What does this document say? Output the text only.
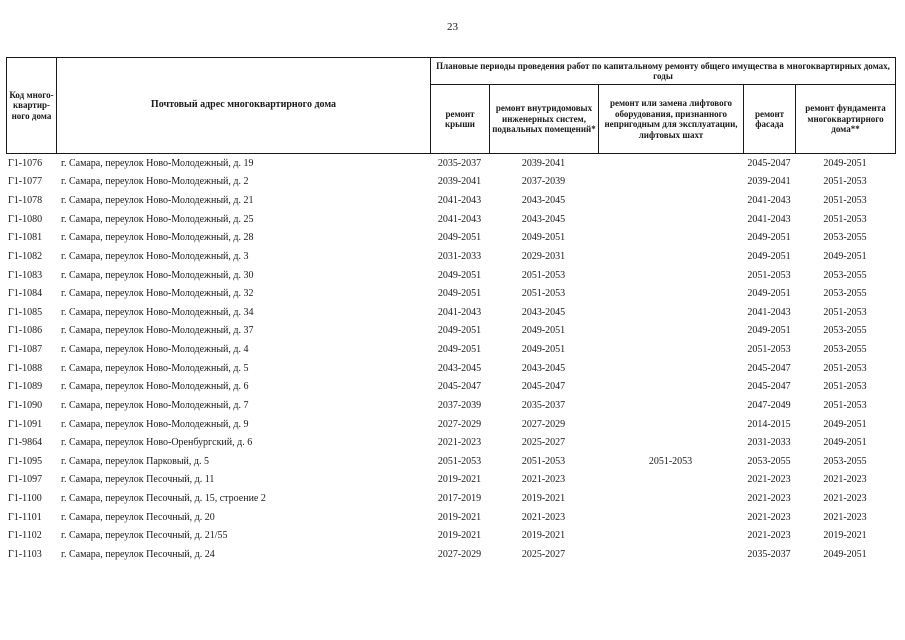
23
Код много-квартир-ного дома	Почтовый адрес многоквартирного дома	Плановые периоды проведения работ по капитальному ремонту общего имущества в многоквартирных домах, годы				
		ремонт крыши	ремонт внутридомовых инженерных систем, подвальных помещений*	ремонт или замена лифтового оборудования, признанного непригодным для эксплуатации, лифтовых шахт	ремонт фасада	ремонт фундамента многоквартирного дома**
Г1-1076	г. Самара, переулок Ново-Молодежный, д. 19	2035-2037	2039-2041		2045-2047	2049-2051
Г1-1077	г. Самара, переулок Ново-Молодежный, д. 2	2039-2041	2037-2039		2039-2041	2051-2053
Г1-1078	г. Самара, переулок Ново-Молодежный, д. 21	2041-2043	2043-2045		2041-2043	2051-2053
Г1-1080	г. Самара, переулок Ново-Молодежный, д. 25	2041-2043	2043-2045		2041-2043	2051-2053
Г1-1081	г. Самара, переулок Ново-Молодежный, д. 28	2049-2051	2049-2051		2049-2051	2053-2055
Г1-1082	г. Самара, переулок Ново-Молодежный, д. 3	2031-2033	2029-2031		2049-2051	2049-2051
Г1-1083	г. Самара, переулок Ново-Молодежный, д. 30	2049-2051	2051-2053		2051-2053	2053-2055
Г1-1084	г. Самара, переулок Ново-Молодежный, д. 32	2049-2051	2051-2053		2049-2051	2053-2055
Г1-1085	г. Самара, переулок Ново-Молодежный, д. 34	2041-2043	2043-2045		2041-2043	2051-2053
Г1-1086	г. Самара, переулок Ново-Молодежный, д. 37	2049-2051	2049-2051		2049-2051	2053-2055
Г1-1087	г. Самара, переулок Ново-Молодежный, д. 4	2049-2051	2049-2051		2051-2053	2053-2055
Г1-1088	г. Самара, переулок Ново-Молодежный, д. 5	2043-2045	2043-2045		2045-2047	2051-2053
Г1-1089	г. Самара, переулок Ново-Молодежный, д. 6	2045-2047	2045-2047		2045-2047	2051-2053
Г1-1090	г. Самара, переулок Ново-Молодежный, д. 7	2037-2039	2035-2037		2047-2049	2051-2053
Г1-1091	г. Самара, переулок Ново-Молодежный, д. 9	2027-2029	2027-2029		2014-2015	2049-2051
Г1-9864	г. Самара, переулок Ново-Оренбургский, д. 6	2021-2023	2025-2027		2031-2033	2049-2051
Г1-1095	г. Самара, переулок Парковый, д. 5	2051-2053	2051-2053	2051-2053	2053-2055	2053-2055
Г1-1097	г. Самара, переулок Песочный, д. 11	2019-2021	2021-2023		2021-2023	2021-2023
Г1-1100	г. Самара, переулок Песочный, д. 15, строение 2	2017-2019	2019-2021		2021-2023	2021-2023
Г1-1101	г. Самара, переулок Песочный, д. 20	2019-2021	2021-2023		2021-2023	2021-2023
Г1-1102	г. Самара, переулок Песочный, д. 21/55	2019-2021	2019-2021		2021-2023	2019-2021
Г1-1103	г. Самара, переулок Песочный, д. 24	2027-2029	2025-2027		2035-2037	2049-2051
